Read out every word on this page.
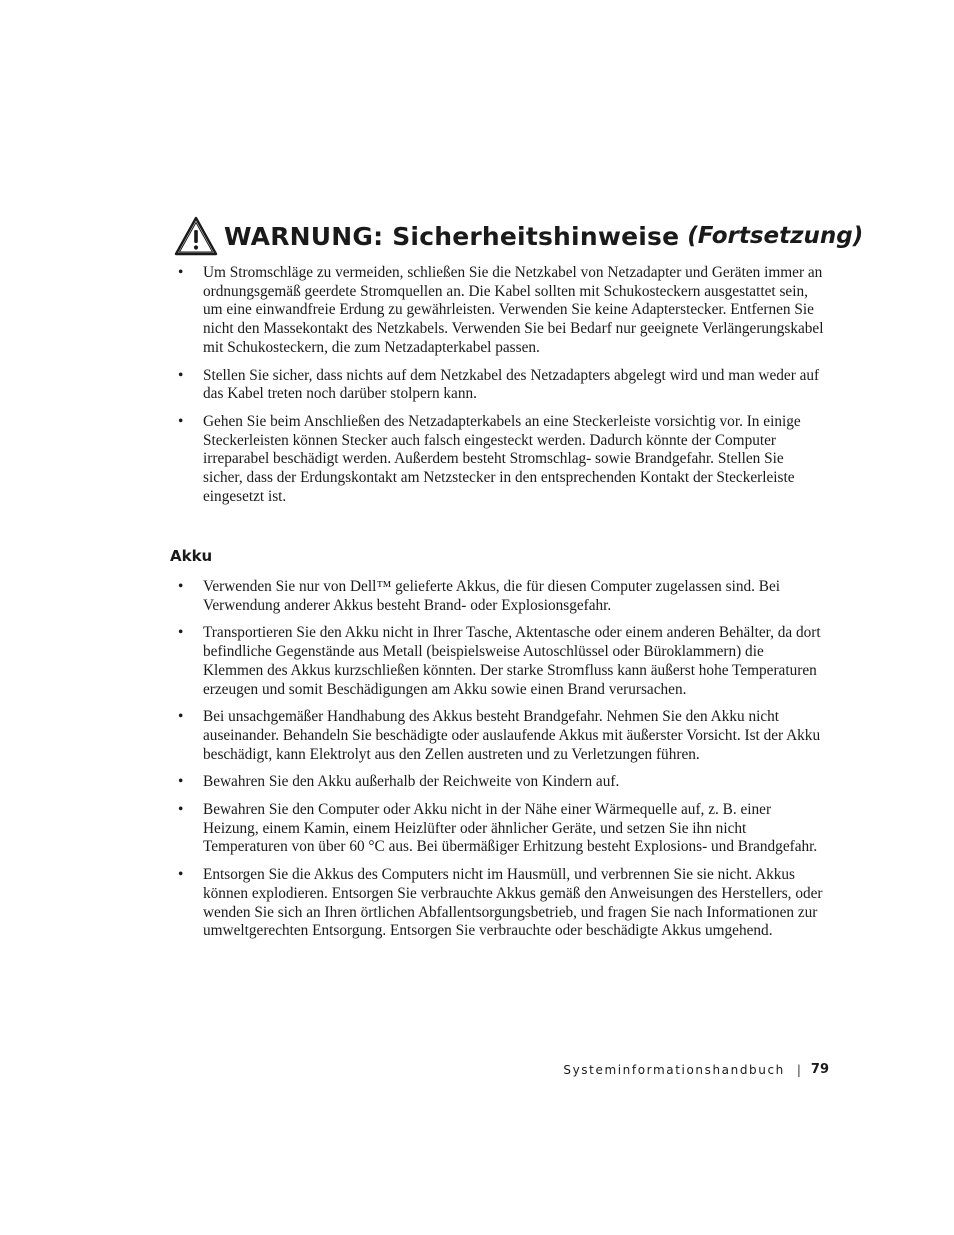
WARNUNG: Sicherheitshinweise (Fortsetzung)
• Um Stromschläge zu vermeiden, schließen Sie die Netzkabel von Netzadapter und Geräten immer an ordnungsgemäß geerdete Stromquellen an. Die Kabel sollten mit Schukosteckern ausgestattet sein, um eine einwandfreie Erdung zu gewährleisten. Verwenden Sie keine Adapterstecker. Entfernen Sie nicht den Massekontakt des Netzkabels. Verwenden Sie bei Bedarf nur geeignete Verlängerungskabel mit Schukosteckern, die zum Netzadapterkabel passen.
• Stellen Sie sicher, dass nichts auf dem Netzkabel des Netzadapters abgelegt wird und man weder auf das Kabel treten noch darüber stolpern kann.
• Gehen Sie beim Anschließen des Netzadapterkabels an eine Steckerleiste vorsichtig vor. In einige Steckerleisten können Stecker auch falsch eingesteckt werden. Dadurch könnte der Computer irreparabel beschädigt werden. Außerdem besteht Stromschlag- sowie Brandgefahr. Stellen Sie sicher, dass der Erdungskontakt am Netzstecker in den entsprechenden Kontakt der Steckerleiste eingesetzt ist.
Akku
• Verwenden Sie nur von Dell™ gelieferte Akkus, die für diesen Computer zugelassen sind. Bei Verwendung anderer Akkus besteht Brand- oder Explosionsgefahr.
• Transportieren Sie den Akku nicht in Ihrer Tasche, Aktentasche oder einem anderen Behälter, da dort befindliche Gegenstände aus Metall (beispielsweise Autoschlüssel oder Büroklammern) die Klemmen des Akkus kurzschließen könnten. Der starke Stromfluss kann äußerst hohe Temperaturen erzeugen und somit Beschädigungen am Akku sowie einen Brand verursachen.
• Bei unsachgemäßer Handhabung des Akkus besteht Brandgefahr. Nehmen Sie den Akku nicht auseinander. Behandeln Sie beschädigte oder auslaufende Akkus mit äußerster Vorsicht. Ist der Akku beschädigt, kann Elektrolyt aus den Zellen austreten und zu Verletzungen führen.
• Bewahren Sie den Akku außerhalb der Reichweite von Kindern auf.
• Bewahren Sie den Computer oder Akku nicht in der Nähe einer Wärmequelle auf, z. B. einer Heizung, einem Kamin, einem Heizlüfter oder ähnlicher Geräte, und setzen Sie ihn nicht Temperaturen von über 60 °C aus. Bei übermäßiger Erhitzung besteht Explosions- und Brandgefahr.
• Entsorgen Sie die Akkus des Computers nicht im Hausmüll, und verbrennen Sie sie nicht. Akkus können explodieren. Entsorgen Sie verbrauchte Akkus gemäß den Anweisungen des Herstellers, oder wenden Sie sich an Ihren örtlichen Abfallentsorgungsbetrieb, und fragen Sie nach Informationen zur umweltgerechten Entsorgung. Entsorgen Sie verbrauchte oder beschädigte Akkus umgehend.
Systeminformationshandbuch | 79
